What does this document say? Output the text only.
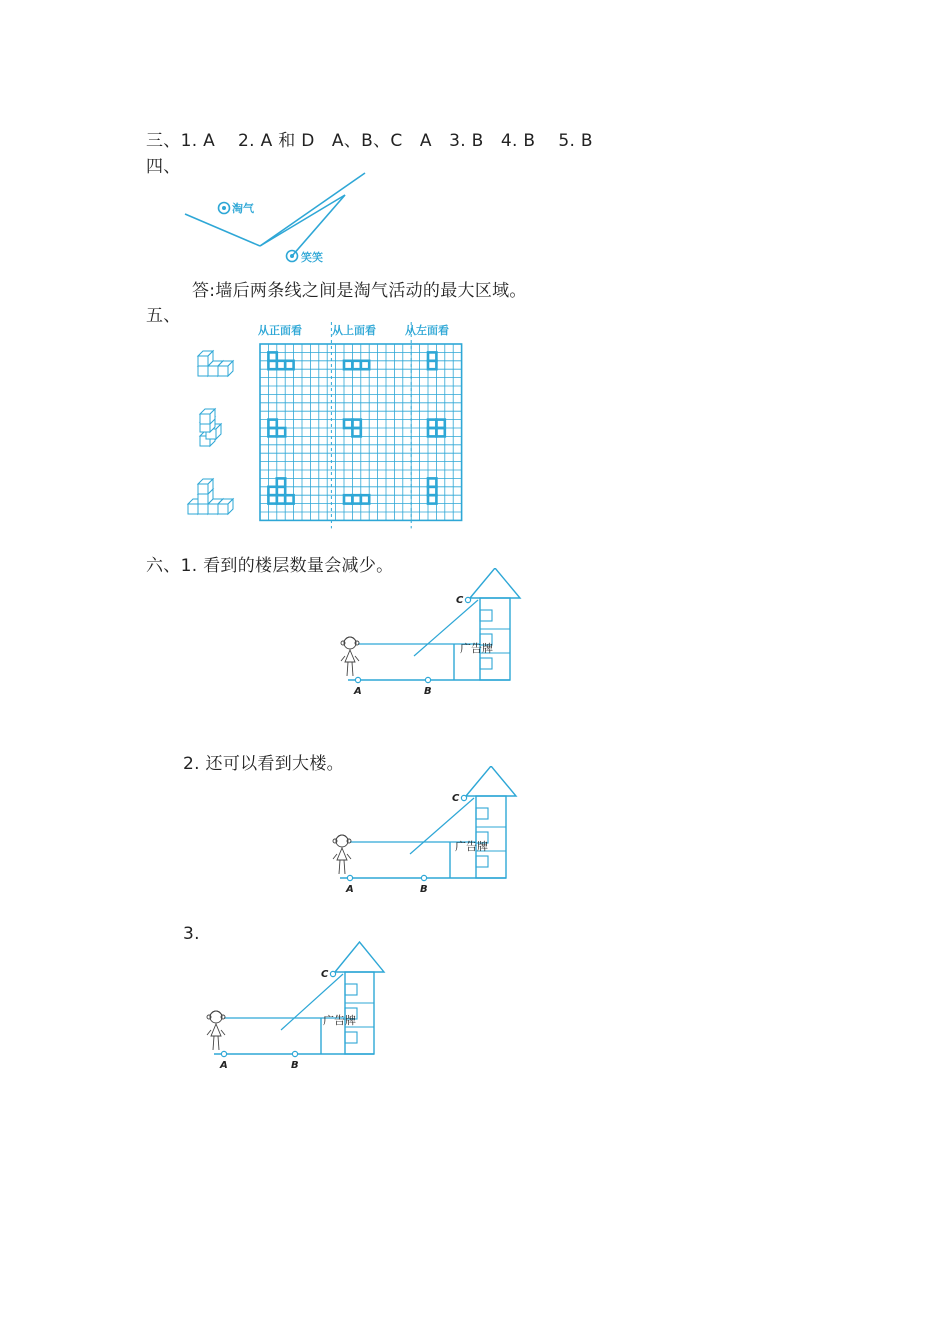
三、1. A　 2. A 和 D　A、B、C　A　3. B　4. B　 5. B
四、
淘气
笑笑
答:墙后两条线之间是淘气活动的最大区域。
五、
从正面看	从上面看	从左面看
六、1. 看到的楼层数量会减少。
A	B
C
广告牌
2. 还可以看到大楼。
A	B
C
广告牌
3.
A	B
C
广告牌
